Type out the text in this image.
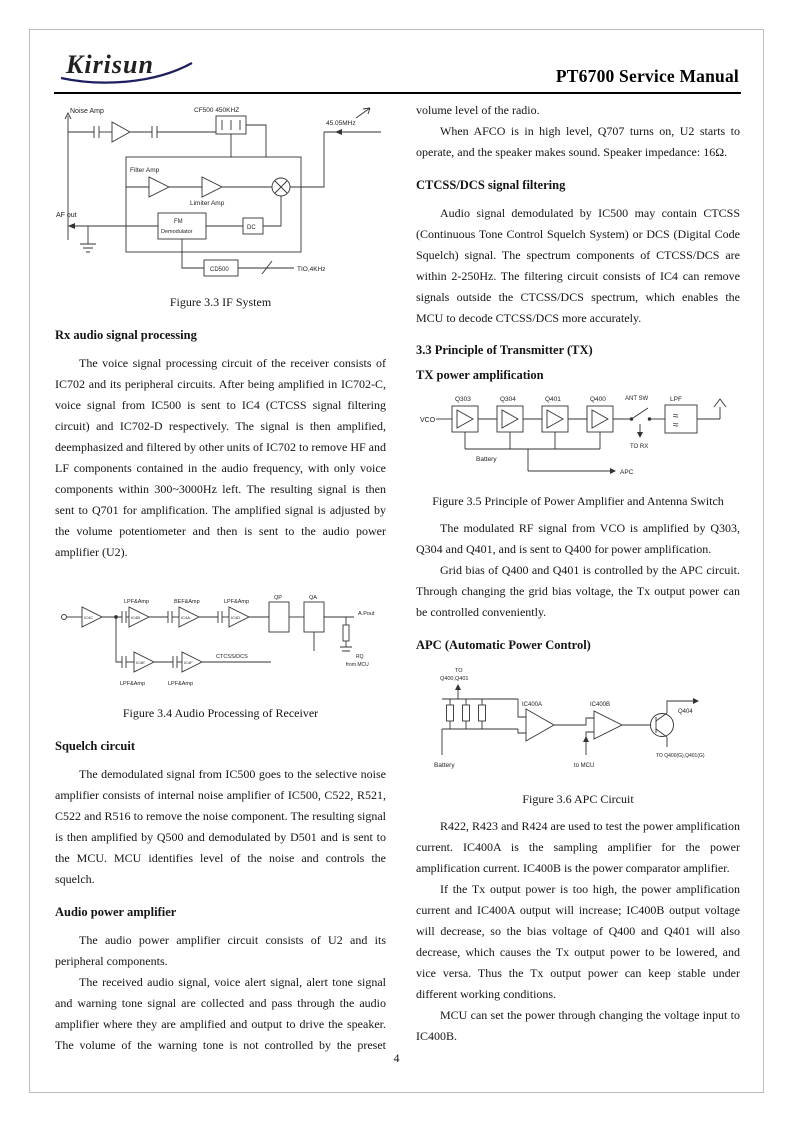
Kirisun	PT6700 Service Manual
Noise Amp	CF500 450KHZ
45.05MHz
Filter Amp
Limiter Amp
FM
Demodulator
DC
CD500	TIO,4KHz
AF out
Figure 3.3 IF System
Rx audio signal processing

The voice signal processing circuit of the receiver consists of IC702 and its peripheral circuits. After being amplified in IC702-C, voice signal from IC500 is sent to IC4 (CTCSS signal filtering circuit) and IC702-D respectively. The signal is then amplified, deemphasized and filtered by other units of IC702 to remove HF and LF components contained in the audio frequency, with only voice components within 300~3000Hz left. The resulting signal is then sent to Q701 for amplification. The amplified signal is adjusted by the volume potentiometer and then is sent to the audio power amplifier (U2).

LPF&Amp	BEF&Amp	LPF&Amp
QP	QA
A.Pout
RQ
from MCU
LPF&Amp	LPF&Amp
CTCSS/DCS
IC4C	IC4B	IC4A	IC4D
IC4E	IC4F
Figure 3.4 Audio Processing of Receiver
Squelch circuit

The demodulated signal from IC500 goes to the selective noise amplifier consists of internal noise amplifier of IC500, C522, R521, C522 and R516 to remove the noise component. The resulting signal is then amplified by Q500 and demodulated by D501 and is sent to the MCU. MCU identifies level of the noise and controls the squelch.

Audio power amplifier

The audio power amplifier circuit consists of U2 and its peripheral components.

The received audio signal, voice alert signal, alert tone signal and warning tone signal are collected and pass through the audio amplifier where they are amplified and output to drive the speaker. The volume of the warning tone is not controlled by the preset

volume level of the radio.

When AFCO is in high level, Q707 turns on, U2 starts to operate, and the speaker makes sound. Speaker impedance: 16Ω.

CTCSS/DCS signal filtering

Audio signal demodulated by IC500 may contain CTCSS (Continuous Tone Control Squelch System) or DCS (Digital Code Squelch) signal. The spectrum components of CTCSS/DCS are within 2-250Hz. The filtering circuit consists of IC4 can remove signals outside the CTCSS/DCS spectrum, which enables the MCU to decode CTCSS/DCS more accurately.

3.3 Principle of Transmitter (TX)
TX power amplification
VCO
Q303	Q304	Q401	Q400	ANT SW	LPF
TO RX
Battery
APC
≈
≈
Figure 3.5 Principle of Power Amplifier and Antenna Switch

The modulated RF signal from VCO is amplified by Q303, Q304 and Q401, and is sent to Q400 for power amplification.

Grid bias of Q400 and Q401 is controlled by the APC circuit. Through changing the grid bias voltage, the Tx output power can be controlled conveniently.

APC (Automatic Power Control)
TO
Q400,Q401
IC400A	IC400B
Q404
Battery	to MCU
TO Q400(G),Q401(G)
Figure 3.6 APC Circuit

R422, R423 and R424 are used to test the power amplification current. IC400A is the sampling amplifier for the power amplification current. IC400B is the power comparator amplifier.

If the Tx output power is too high, the power amplification current and IC400A output will increase; IC400B output voltage will decrease, so the bias voltage of Q400 and Q401 will also decrease, which causes the Tx output power to be lowered, and vice versa. Thus the Tx output power can keep stable under different working conditions.

MCU can set the power through changing the voltage input to IC400B.

4
